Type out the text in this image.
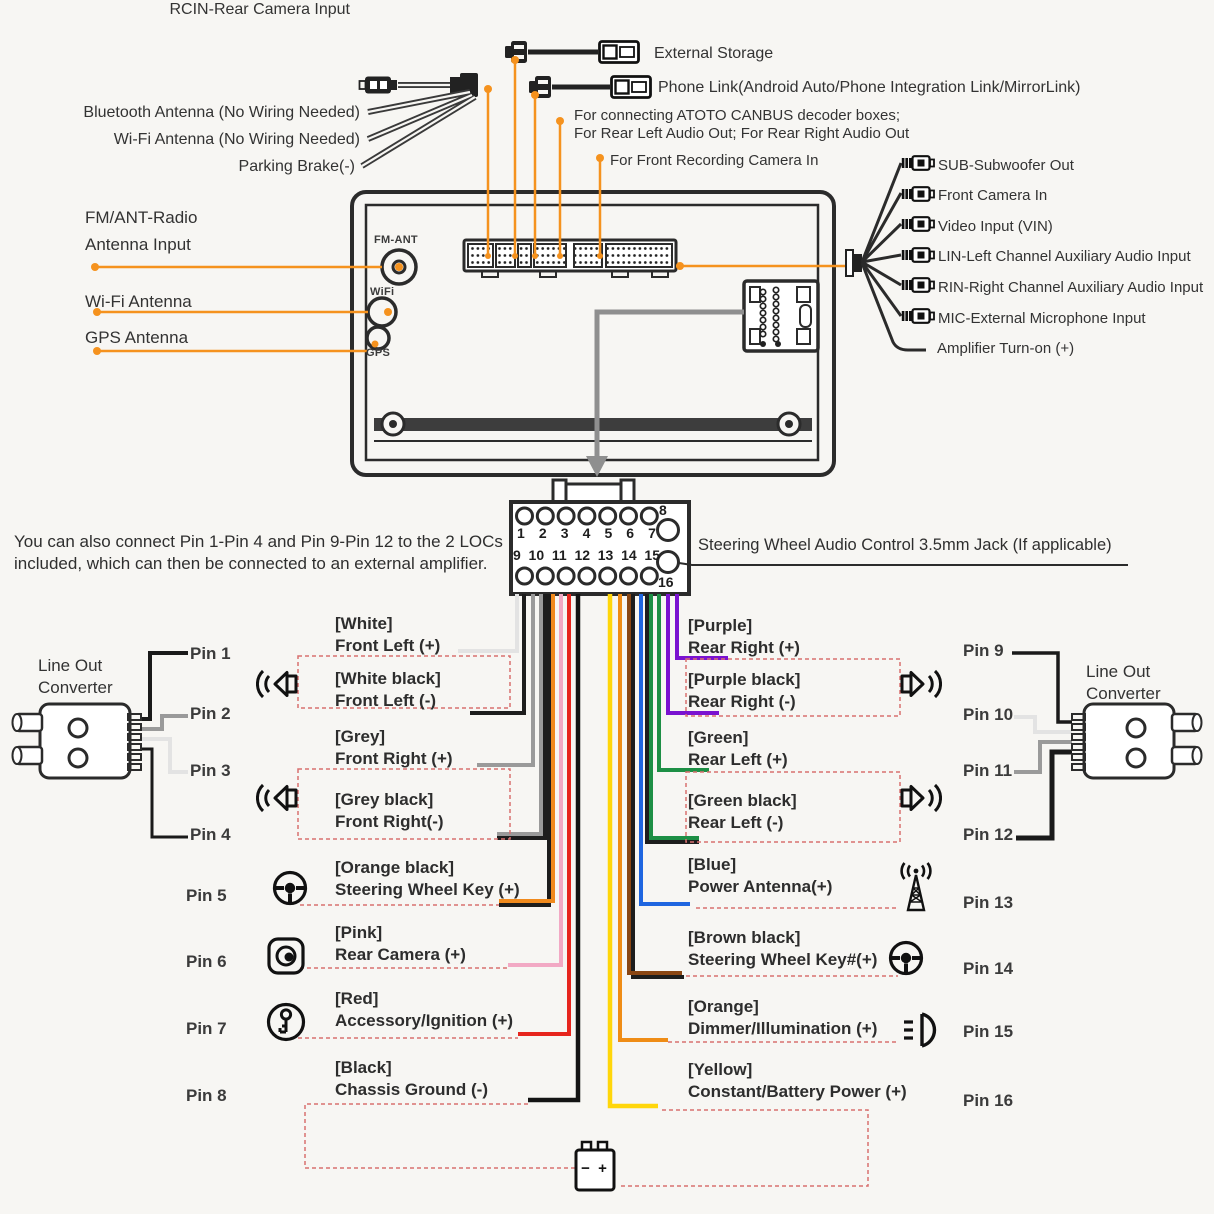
RCIN-Rear Camera Input
Bluetooth Antenna (No Wiring Needed)
Wi-Fi Antenna (No Wiring Needed)
Parking Brake(-)
External Storage
Phone Link(Android Auto/Phone Integration Link/MirrorLink)
For connecting ATOTO CANBUS decoder boxes;
For Rear Left Audio Out; For Rear Right Audio Out
For Front Recording Camera In
FM/ANT-Radio
Antenna Input
Wi-Fi Antenna
GPS Antenna
FM-ANT
WiFi
GPS
SUB-Subwoofer Out
Front Camera In
Video Input (VIN)
LIN-Left Channel Auxiliary Audio Input
RIN-Right Channel Auxiliary Audio Input
MIC-External Microphone Input
Amplifier Turn-on (+)
You can also connect Pin 1-Pin 4 and Pin 9-Pin 12 to the 2 LOCs
included, which can then be connected to an external amplifier.
1 2 3 4 5 6 7
8
9 10 11 12 13 14 15
16
Steering Wheel Audio Control 3.5mm Jack (If applicable)
Line Out
Converter
Line Out
Converter
Pin 1
Pin 2
Pin 3
Pin 4
Pin 5
Pin 6
Pin 7
Pin 8
Pin 9
Pin 10
Pin 11
Pin 12
Pin 13
Pin 14
Pin 15
Pin 16
[White]
Front Left (+)
[White black]
Front Left (-)
[Grey]
Front Right (+)
[Grey black]
Front Right(-)
[Orange black]
Steering Wheel Key (+)
[Pink]
Rear Camera (+)
[Red]
Accessory/Ignition (+)
[Black]
Chassis Ground (-)
[Purple]
Rear Right (+)
[Purple black]
Rear Right (-)
[Green]
Rear Left (+)
[Green black]
Rear Left (-)
[Blue]
Power Antenna(+)
[Brown black]
Steering Wheel Key#(+)
[Orange]
Dimmer/Illumination (+)
[Yellow]
Constant/Battery Power (+)
− +
